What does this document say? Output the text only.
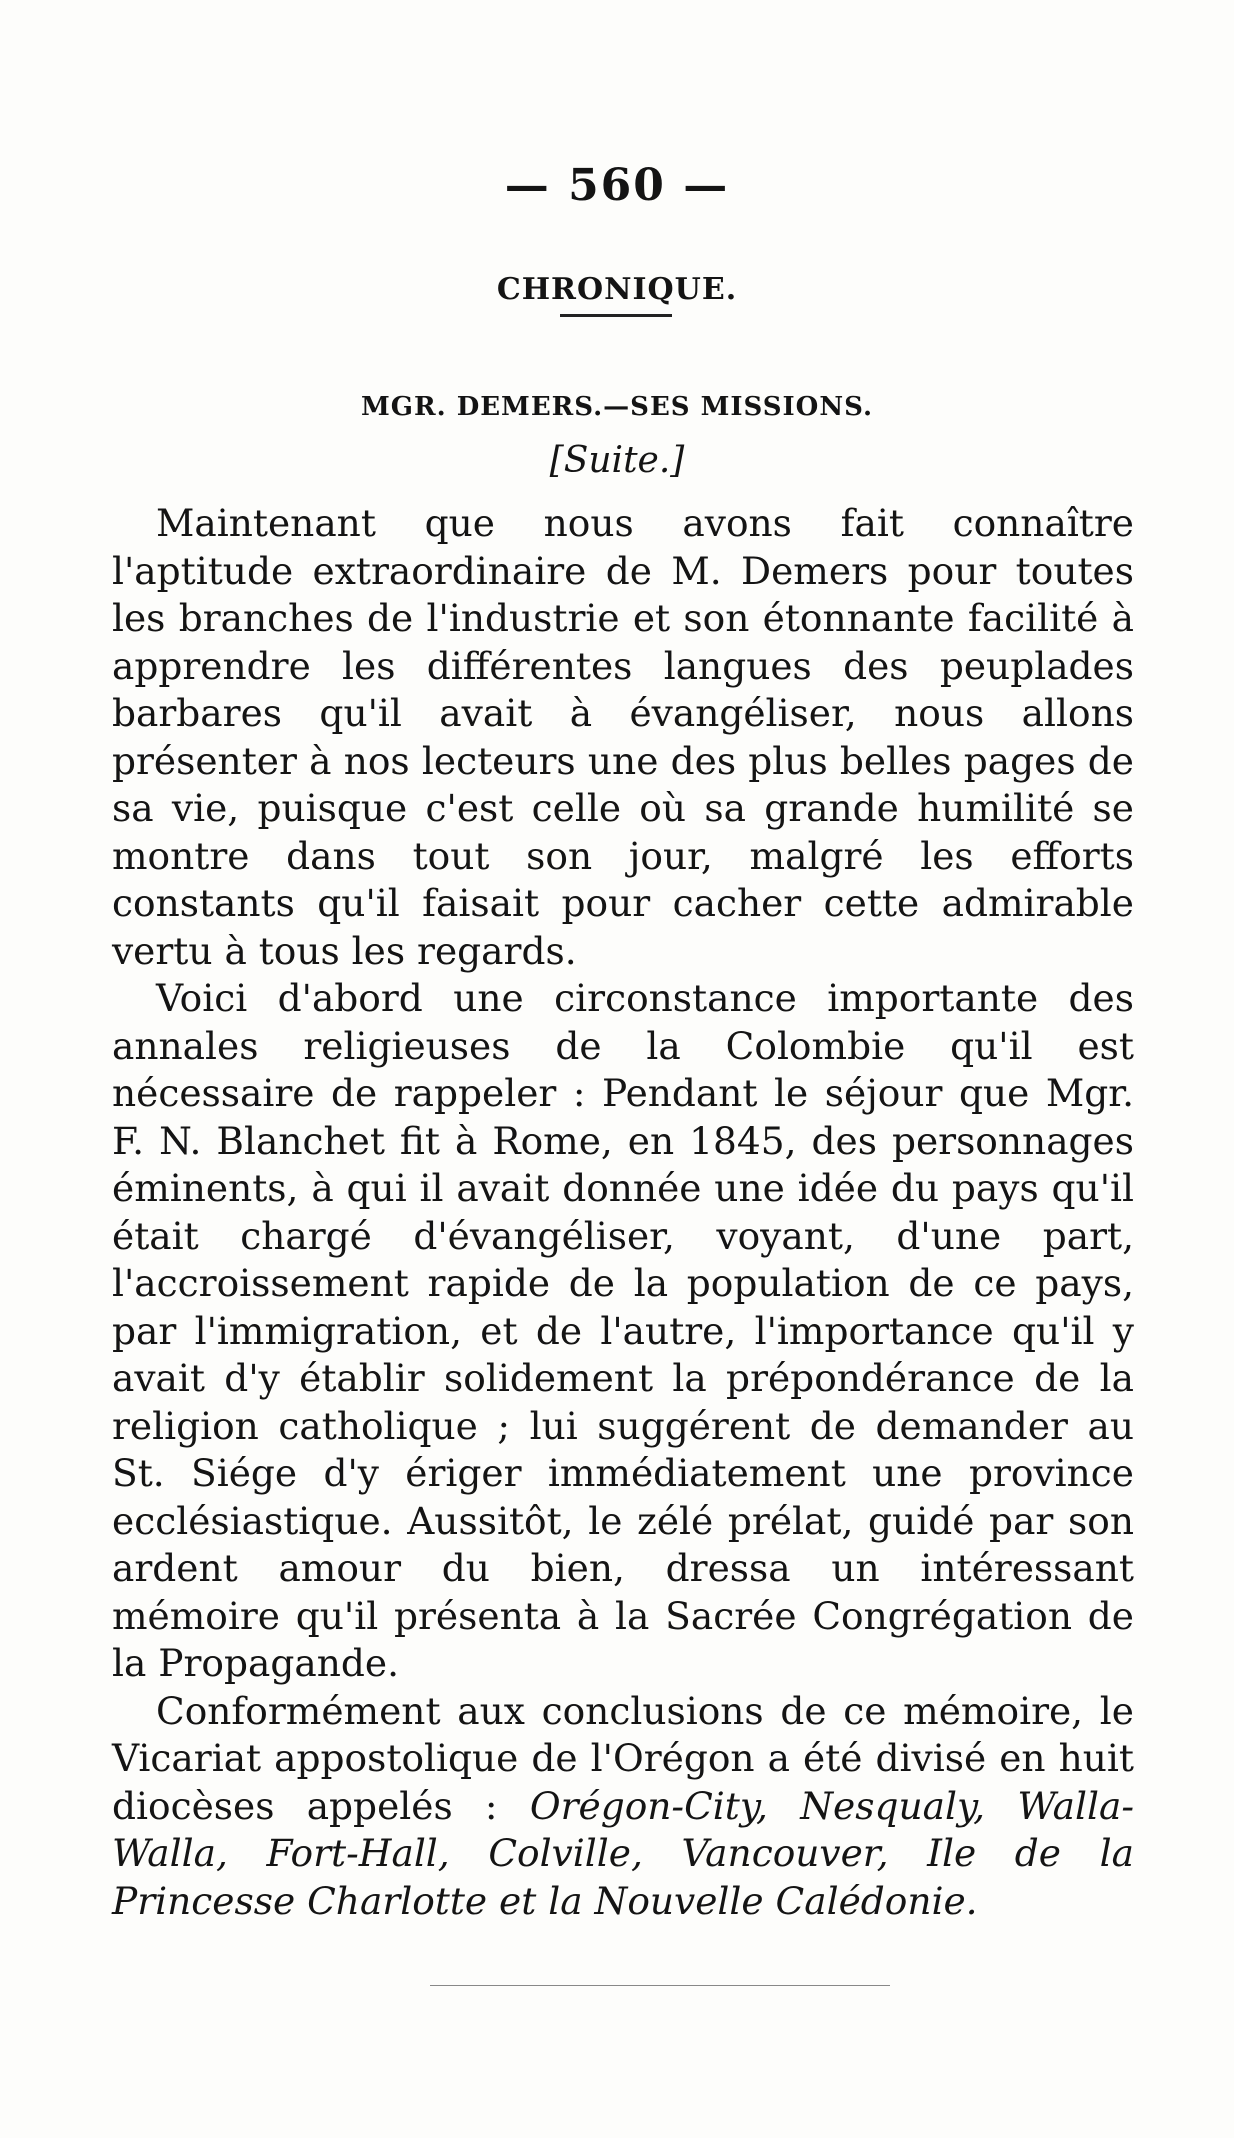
— 560 —
CHRONIQUE.
MGR. DEMERS.—SES MISSIONS.
[Suite.]

Maintenant que nous avons fait connaître l'aptitude extraordinaire de M. Demers pour toutes les branches de l'industrie et son étonnante facilité à apprendre les différentes langues des peuplades barbares qu'il avait à évangéliser, nous allons présenter à nos lecteurs une des plus belles pages de sa vie, puisque c'est celle où sa grande humilité se montre dans tout son jour, malgré les efforts constants qu'il faisait pour cacher cette admirable vertu à tous les regards.

Voici d'abord une circonstance importante des annales religieuses de la Colombie qu'il est nécessaire de rappeler : Pendant le séjour que Mgr. F. N. Blanchet fit à Rome, en 1845, des personnages éminents, à qui il avait donnée une idée du pays qu'il était chargé d'évangéliser, voyant, d'une part, l'accroissement rapide de la population de ce pays, par l'immigration, et de l'autre, l'importance qu'il y avait d'y établir solidement la prépondérance de la religion catholique ; lui suggérent de demander au St. Siége d'y ériger immédiatement une province ecclésiastique. Aussitôt, le zélé prélat, guidé par son ardent amour du bien, dressa un intéressant mémoire qu'il présenta à la Sacrée Congrégation de la Propagande.

Conformément aux conclusions de ce mémoire, le Vicariat appostolique de l'Orégon a été divisé en huit diocèses appelés : Orégon-City, Nesqualy, Walla-Walla, Fort-Hall, Colville, Vancouver, Ile de la Princesse Charlotte et la Nouvelle Calédonie.
